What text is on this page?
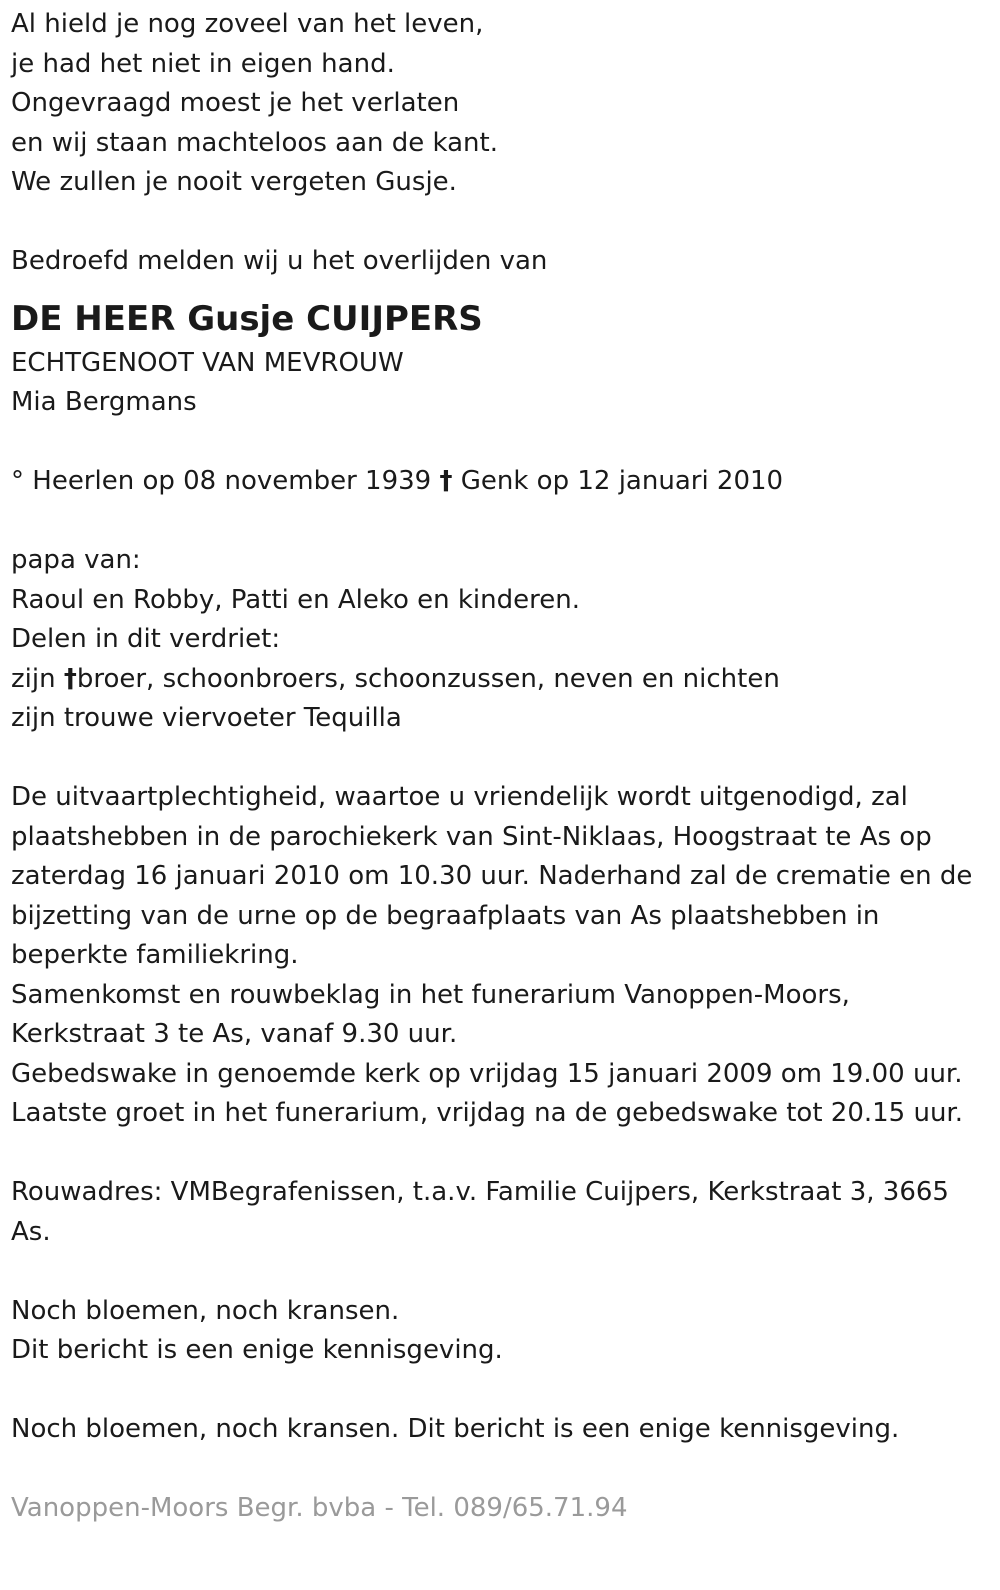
Al hield je nog zoveel van het leven,
je had het niet in eigen hand.
Ongevraagd moest je het verlaten
en wij staan machteloos aan de kant.
We zullen je nooit vergeten Gusje.
Bedroefd melden wij u het overlijden van
DE HEER Gusje CUIJPERS
ECHTGENOOT VAN MEVROUW
Mia Bergmans
° Heerlen op 08 november 1939 † Genk op 12 januari 2010
papa van:
Raoul en Robby, Patti en Aleko en kinderen.
Delen in dit verdriet:
zijn †broer, schoonbroers, schoonzussen, neven en nichten
zijn trouwe viervoeter Tequilla
De uitvaartplechtigheid, waartoe u vriendelijk wordt uitgenodigd, zal
plaatshebben in de parochiekerk van Sint-Niklaas, Hoogstraat te As op
zaterdag 16 januari 2010 om 10.30 uur. Naderhand zal de crematie en de
bijzetting van de urne op de begraafplaats van As plaatshebben in
beperkte familiekring.
Samenkomst en rouwbeklag in het funerarium Vanoppen-Moors,
Kerkstraat 3 te As, vanaf 9.30 uur.
Gebedswake in genoemde kerk op vrijdag 15 januari 2009 om 19.00 uur.
Laatste groet in het funerarium, vrijdag na de gebedswake tot 20.15 uur.
Rouwadres: VMBegrafenissen, t.a.v. Familie Cuijpers, Kerkstraat 3, 3665
As.
Noch bloemen, noch kransen.
Dit bericht is een enige kennisgeving.
Noch bloemen, noch kransen. Dit bericht is een enige kennisgeving.
Vanoppen-Moors Begr. bvba - Tel. 089/65.71.94
